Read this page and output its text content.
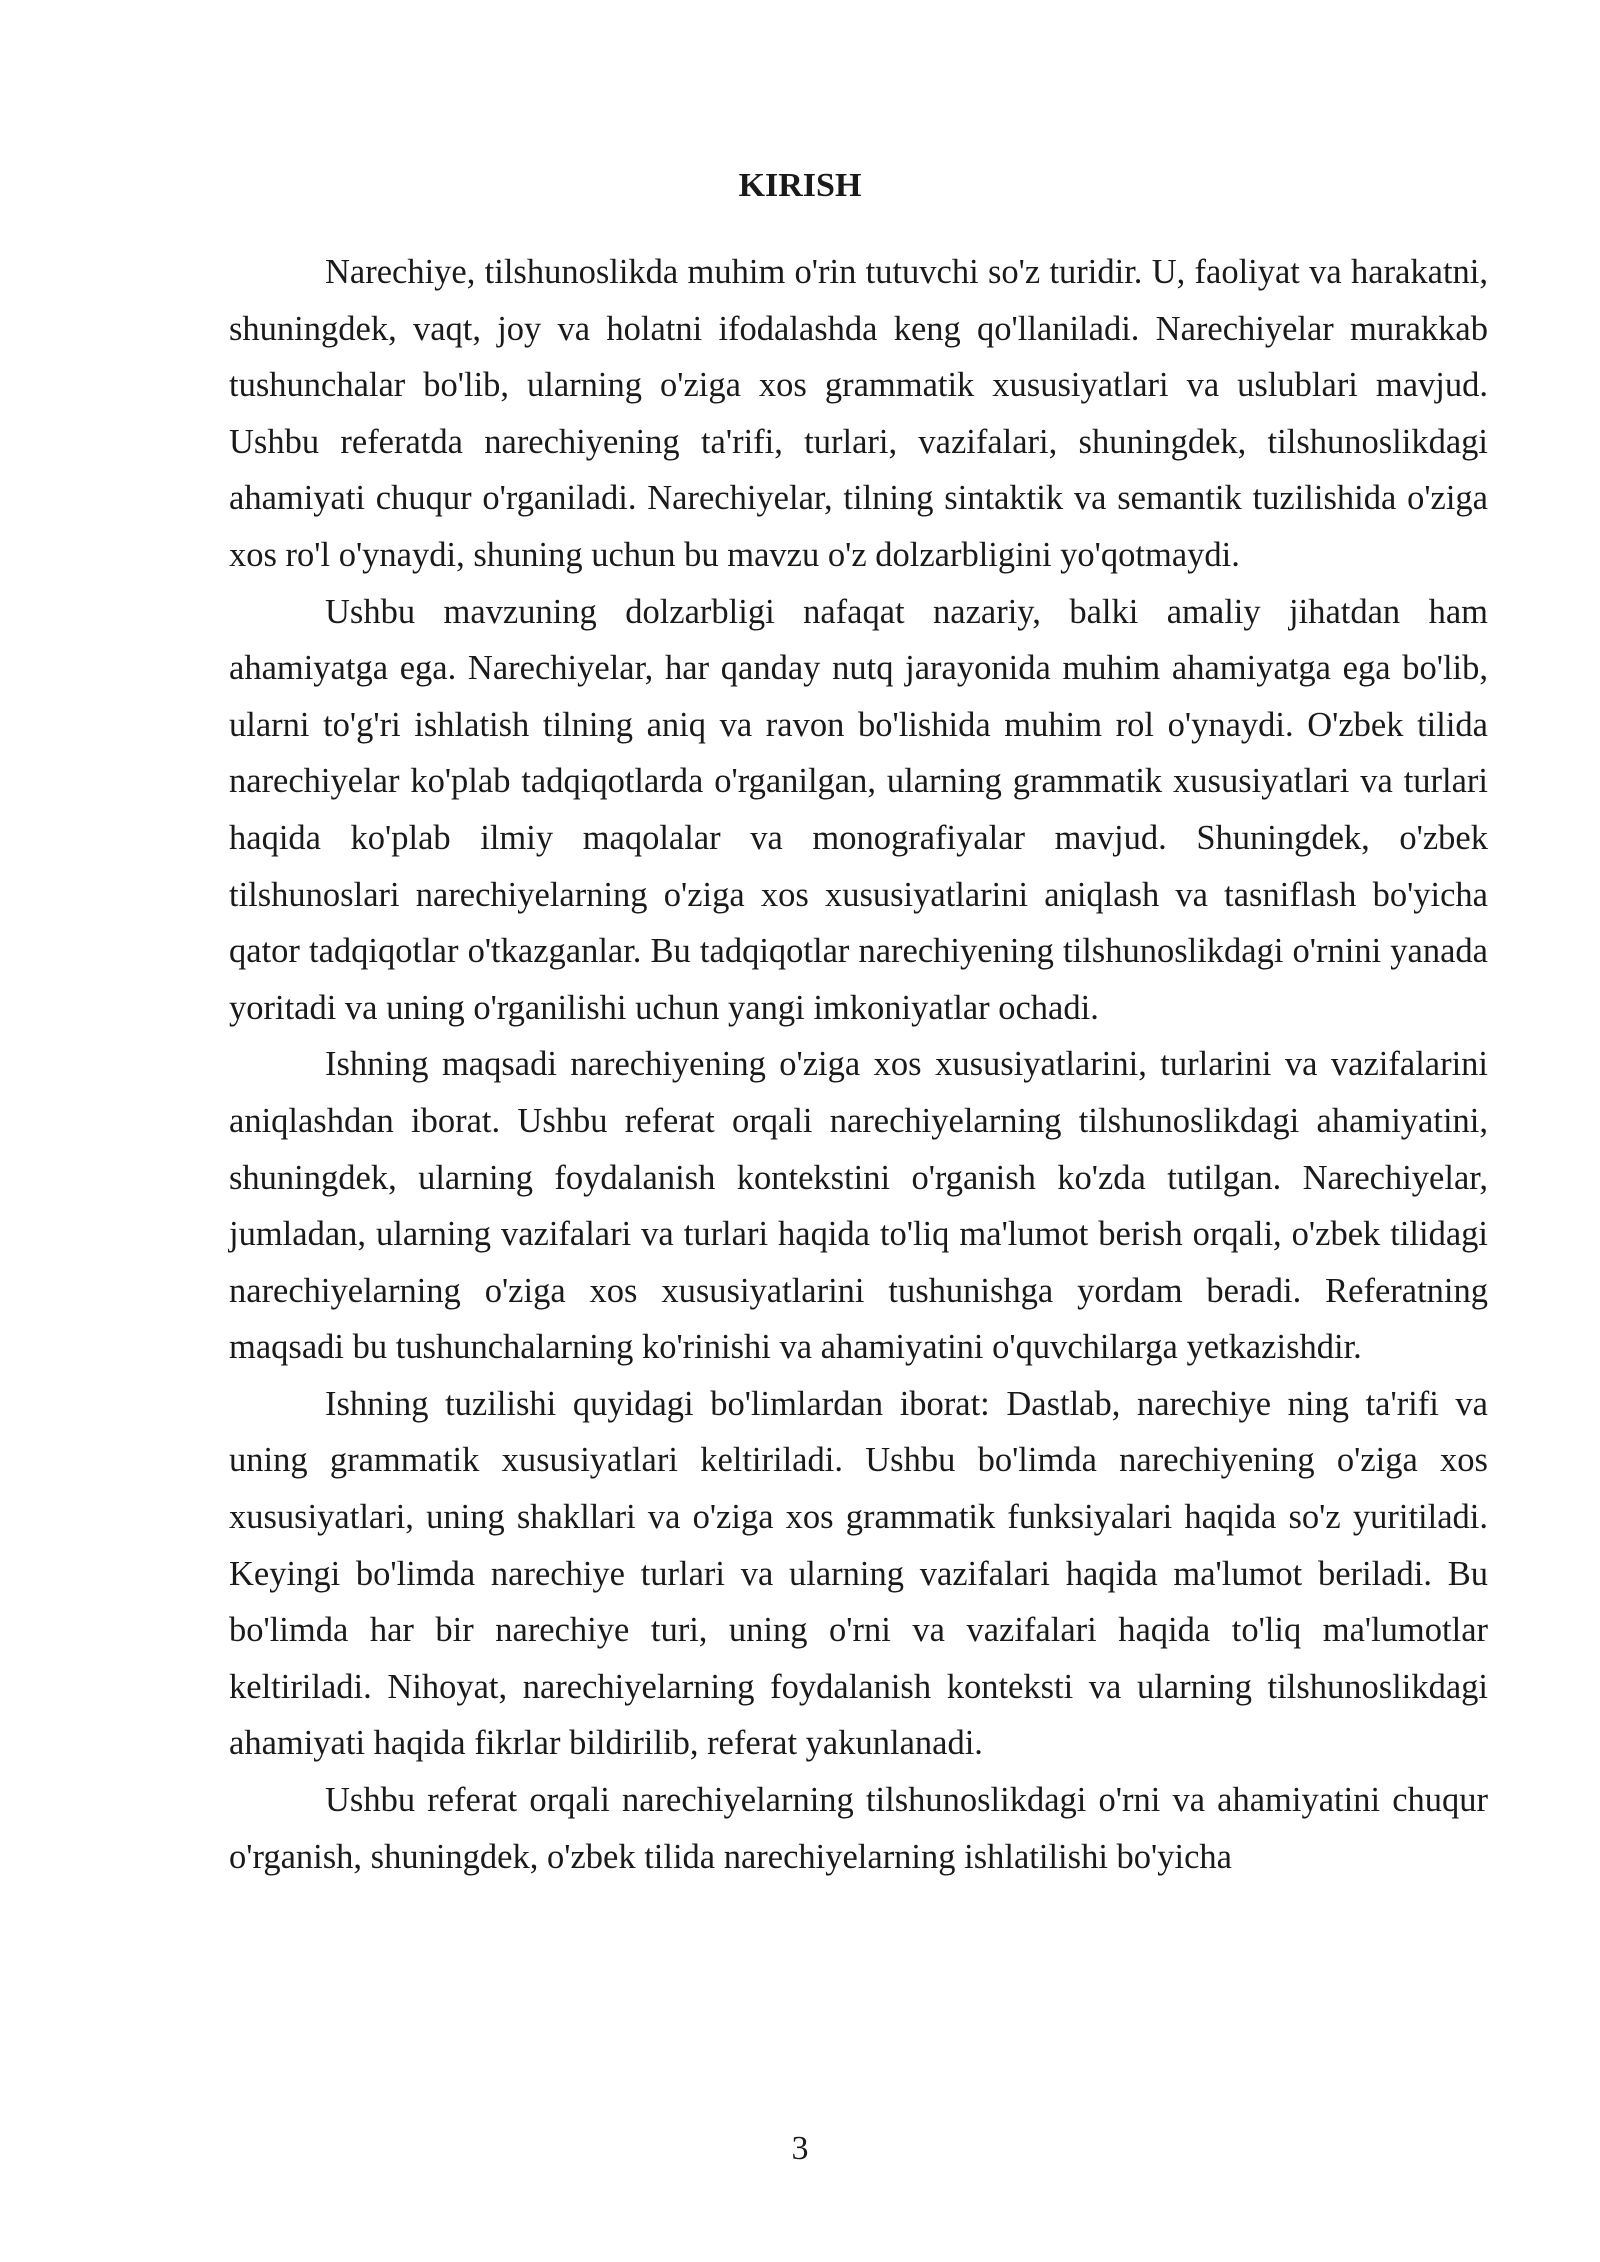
KIRISH

Narechiye, tilshunoslikda muhim o'rin tutuvchi so'z turidir. U, faoliyat va harakatni, shuningdek, vaqt, joy va holatni ifodalashda keng qo'llaniladi. Narechiyelar murakkab tushunchalar bo'lib, ularning o'ziga xos grammatik xususiyatlari va uslublari mavjud. Ushbu referatda narechiyening ta'rifi, turlari, vazifalari, shuningdek, tilshunoslikdagi ahamiyati chuqur o'rganiladi. Narechiyelar, tilning sintaktik va semantik tuzilishida o'ziga xos ro'l o'ynaydi, shuning uchun bu mavzu o'z dolzarbligini yo'qotmaydi.

Ushbu mavzuning dolzarbligi nafaqat nazariy, balki amaliy jihatdan ham ahamiyatga ega. Narechiyelar, har qanday nutq jarayonida muhim ahamiyatga ega bo'lib, ularni to'g'ri ishlatish tilning aniq va ravon bo'lishida muhim rol o'ynaydi. O'zbek tilida narechiyelar ko'plab tadqiqotlarda o'rganilgan, ularning grammatik xususiyatlari va turlari haqida ko'plab ilmiy maqolalar va monografiyalar mavjud. Shuningdek, o'zbek tilshunoslari narechiyelarning o'ziga xos xususiyatlarini aniqlash va tasniflash bo'yicha qator tadqiqotlar o'tkazganlar. Bu tadqiqotlar narechiyening tilshunoslikdagi o'rnini yanada yoritadi va uning o'rganilishi uchun yangi imkoniyatlar ochadi.

Ishning maqsadi narechiyening o'ziga xos xususiyatlarini, turlarini va vazifalarini aniqlashdan iborat. Ushbu referat orqali narechiyelarning tilshunoslikdagi ahamiyatini, shuningdek, ularning foydalanish kontekstini o'rganish ko'zda tutilgan. Narechiyelar, jumladan, ularning vazifalari va turlari haqida to'liq ma'lumot berish orqali, o'zbek tilidagi narechiyelarning o'ziga xos xususiyatlarini tushunishga yordam beradi. Referatning maqsadi bu tushunchalarning ko'rinishi va ahamiyatini o'quvchilarga yetkazishdir.

Ishning tuzilishi quyidagi bo'limlardan iborat: Dastlab, narechiye ning ta'rifi va uning grammatik xususiyatlari keltiriladi. Ushbu bo'limda narechiyening o'ziga xos xususiyatlari, uning shakllari va o'ziga xos grammatik funksiyalari haqida so'z yuritiladi. Keyingi bo'limda narechiye turlari va ularning vazifalari haqida ma'lumot beriladi. Bu bo'limda har bir narechiye turi, uning o'rni va vazifalari haqida to'liq ma'lumotlar keltiriladi. Nihoyat, narechiyelarning foydalanish konteksti va ularning tilshunoslikdagi ahamiyati haqida fikrlar bildirilib, referat yakunlanadi.

Ushbu referat orqali narechiyelarning tilshunoslikdagi o'rni va ahamiyatini chuqur o'rganish, shuningdek, o'zbek tilida narechiyelarning ishlatilishi bo'yicha

3
